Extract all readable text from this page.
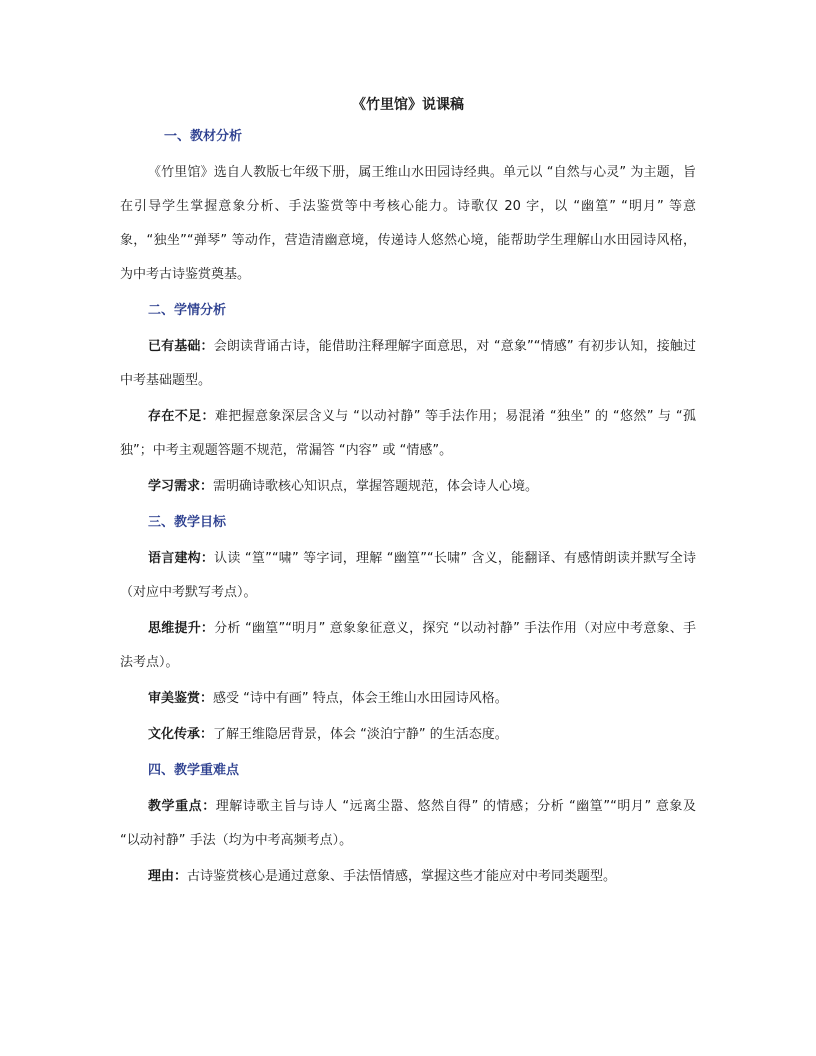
《竹里馆》说课稿
一、教材分析

《竹里馆》选自人教版七年级下册，属王维山水田园诗经典。单元以 “自然与心灵” 为主题，旨在引导学生掌握意象分析、手法鉴赏等中考核心能力。诗歌仅 20 字，以 “幽篁” “明月” 等意象，“独坐”“弹琴” 等动作，营造清幽意境，传递诗人悠然心境，能帮助学生理解山水田园诗风格，为中考古诗鉴赏奠基。

二、学情分析

已有基础：会朗读背诵古诗，能借助注释理解字面意思，对 “意象”“情感” 有初步认知，接触过中考基础题型。

存在不足：难把握意象深层含义与 “以动衬静” 等手法作用；易混淆 “独坐” 的 “悠然” 与 “孤独”；中考主观题答题不规范，常漏答 “内容” 或 “情感”。

学习需求：需明确诗歌核心知识点，掌握答题规范，体会诗人心境。

三、教学目标

语言建构：认读 “篁”“啸” 等字词，理解 “幽篁”“长啸” 含义，能翻译、有感情朗读并默写全诗（对应中考默写考点）。

思维提升：分析 “幽篁”“明月” 意象象征意义，探究 “以动衬静” 手法作用（对应中考意象、手法考点）。

审美鉴赏：感受 “诗中有画” 特点，体会王维山水田园诗风格。

文化传承：了解王维隐居背景，体会 “淡泊宁静” 的生活态度。

四、教学重难点

教学重点：理解诗歌主旨与诗人 “远离尘嚣、悠然自得” 的情感；分析 “幽篁”“明月” 意象及 “以动衬静” 手法（均为中考高频考点）。

理由：古诗鉴赏核心是通过意象、手法悟情感，掌握这些才能应对中考同类题型。
